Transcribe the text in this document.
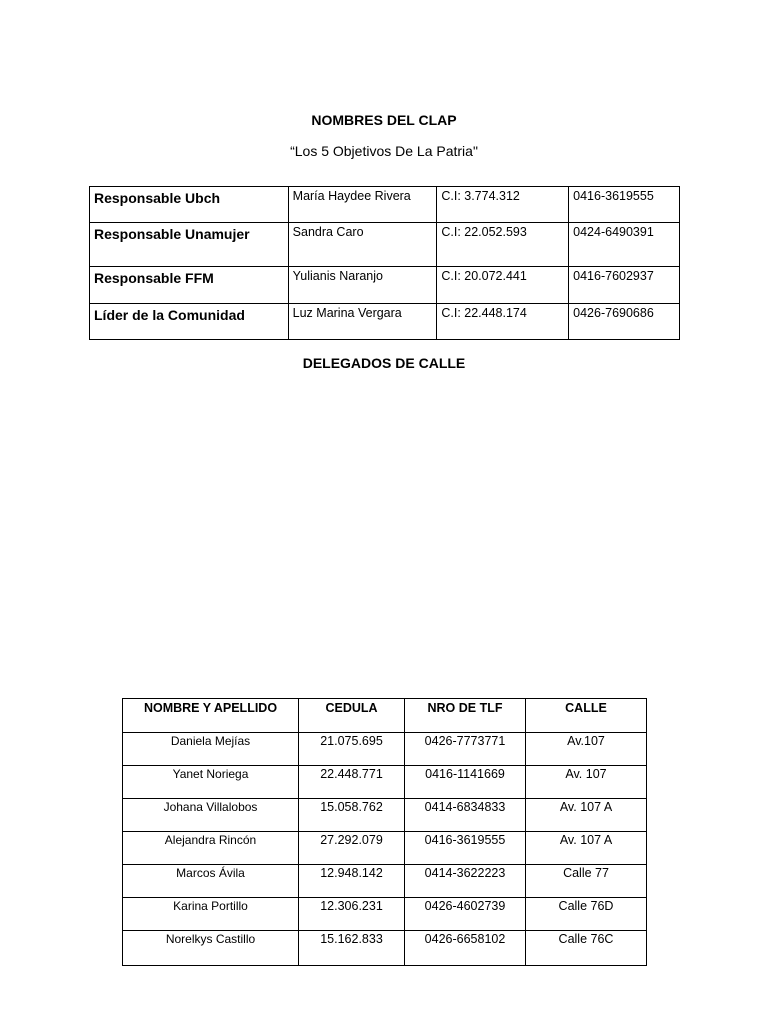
NOMBRES DEL CLAP
“Los 5 Objetivos De La Patria"
Responsable Ubch	María Haydee Rivera	C.I: 3.774.312	0416-3619555
Responsable Unamujer	Sandra Caro	C.I: 22.052.593	0424-6490391
Responsable FFM	Yulianis Naranjo	C.I: 20.072.441	0416-7602937
Líder de la Comunidad	Luz Marina Vergara	C.I: 22.448.174	0426-7690686
DELEGADOS DE CALLE
NOMBRE Y APELLIDO	CEDULA	NRO DE TLF	CALLE
Daniela Mejías	21.075.695	0426-7773771	Av.107
Yanet Noriega	22.448.771	0416-1141669	Av. 107
Johana Villalobos	15.058.762	0414-6834833	Av. 107 A
Alejandra Rincón	27.292.079	0416-3619555	Av. 107 A
Marcos Ávila	12.948.142	0414-3622223	Calle 77
Karina Portillo	12.306.231	0426-4602739	Calle 76D
Norelkys Castillo	15.162.833	0426-6658102	Calle 76C
